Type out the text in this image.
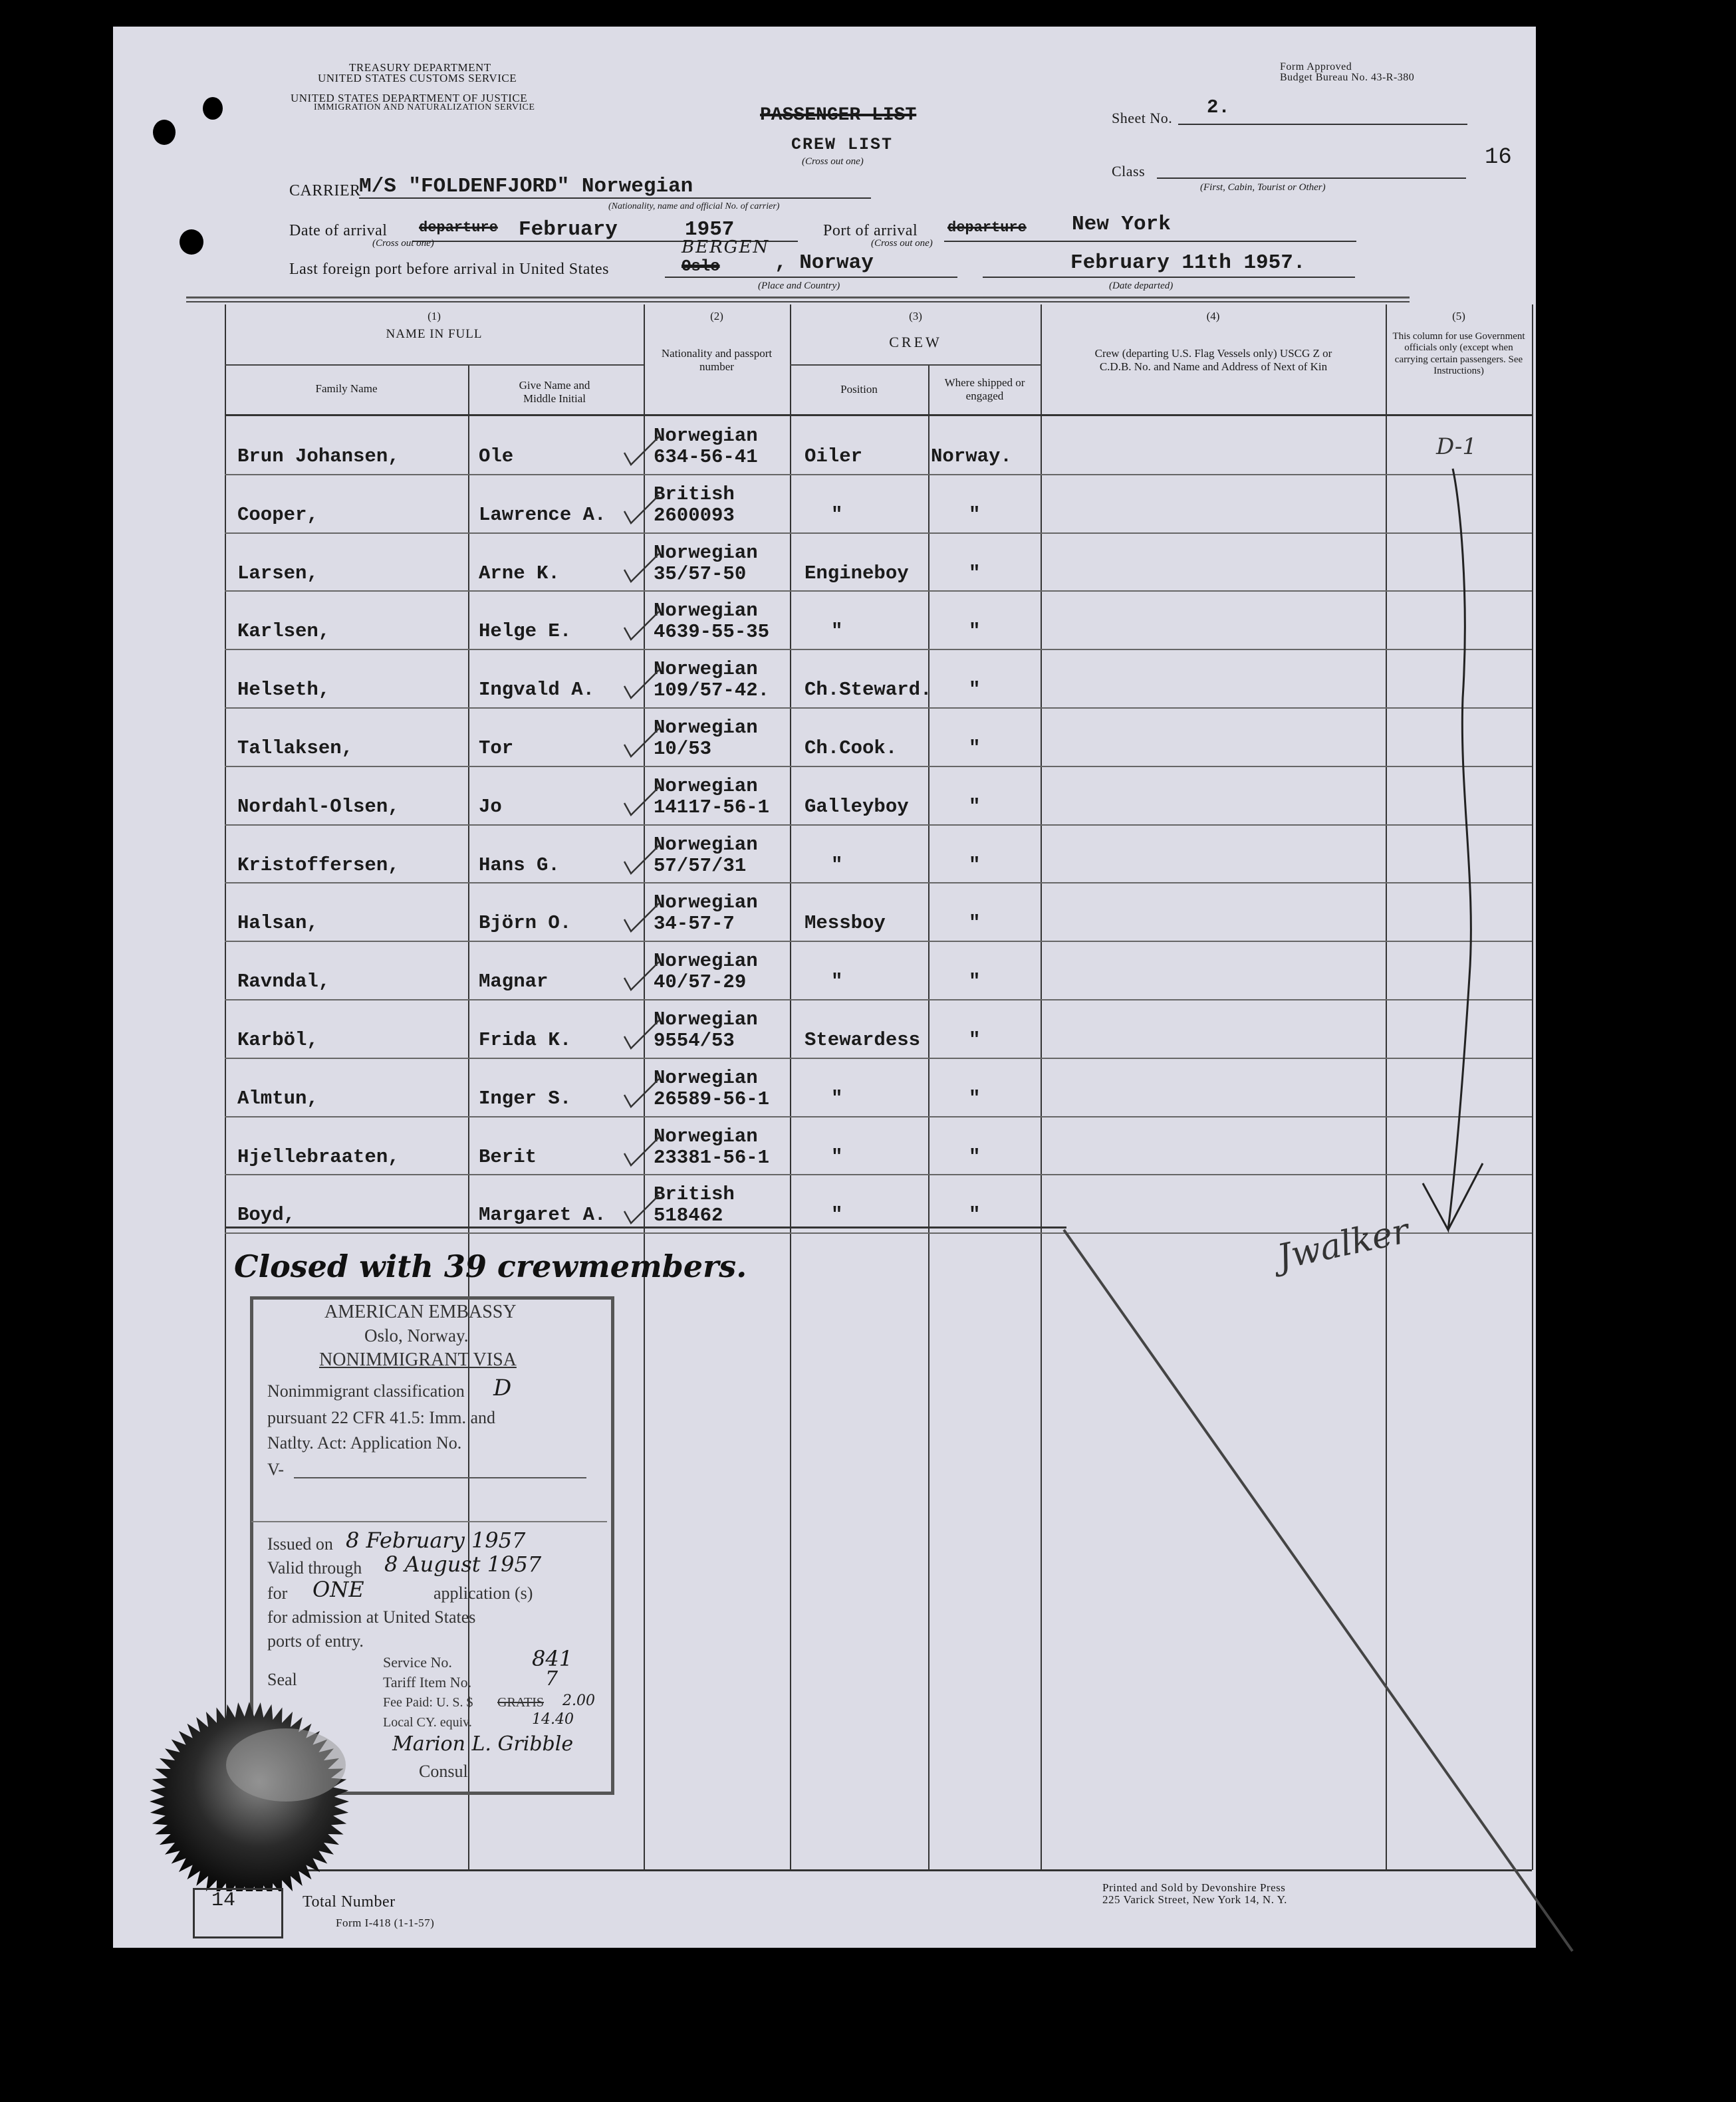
TREASURY DEPARTMENT
UNITED STATES CUSTOMS SERVICE
UNITED STATES DEPARTMENT OF JUSTICE
IMMIGRATION AND NATURALIZATION SERVICE
Form Approved
Budget Bureau No. 43-R-380
PASSENGER LIST
CREW LIST
(Cross out one)
Sheet No. 2.
Class
(First, Cabin, Tourist or Other)
16
CARRIER
M/S "FOLDENFJORD" Norwegian
(Nationality, name and official No. of carrier)
Date of arrival departure February	1957
(Cross out one)
Port of arrival departure New York
(Cross out one)
Last foreign port before arrival in United States	Oslo
BERGEN
, Norway
(Place and Country)
February 11th 1957.
(Date departed)
(1)
NAME IN FULL
Family Name	Give Name and Middle Initial
(2)
Nationality and passport number
(3)
CREW
Position
Where shipped or engaged
(4)
Crew (departing U.S. Flag Vessels only) USCG Z or C.D.B. No. and Name and Address of Next of Kin
(5)
This column for use Government officials only (except when carrying certain passengers. See Instructions)
Brun Johansen,	Ole
Norwegian
634-56-41 Oiler	Norway.
Cooper,	Lawrence A.
British
2600093	"	"
Larsen,	Arne K.
Norwegian
35/57-50	Engineboy	"
Karlsen,	Helge E.
Norwegian
4639-55-35	"	"
Helseth,	Ingvald A.
Norwegian
109/57-42. Ch.Steward. "
Tallaksen,	Tor
Norwegian
10/53	Ch.Cook.	"
Nordahl-Olsen,	Jo
Norwegian
14117-56-1 Galleyboy	"
Kristoffersen,	Hans G.
Norwegian
57/57/31	"	"
Halsan,	Björn O.
Norwegian
34-57-7	Messboy	"
Ravndal,	Magnar
Norwegian
40/57-29	"	"
Karböl,	Frida K.
Norwegian
9554/53	Stewardess	"
Almtun,	Inger S.
Norwegian
26589-56-1	"	"
Hjellebraaten,	Berit
Norwegian
23381-56-1	"	"
Boyd,	Margaret A.
British
518462	"	"
D-1
Jwalker
Closed with 39 crewmembers.
AMERICAN EMBASSY
Oslo, Norway.
NONIMMIGRANT VISA
Nonimmigrant classification D
pursuant 22 CFR 41.5: Imm. and
Natlty. Act: Application No.
V-
Issued on 8 February 1957
Valid through 8 August 1957
for ONE	application (s)
for admission at United States
ports of entry.
Service No.	841
Tariff Item No.	7
Seal
Fee Paid: U. S. $ GRATIS 2.00
Local CY. equiv.	14.40
Marion L. Gribble
Consul
14	Total Number
Form I-418 (1-1-57)
Printed and Sold by Devonshire Press
225 Varick Street, New York 14, N. Y.
